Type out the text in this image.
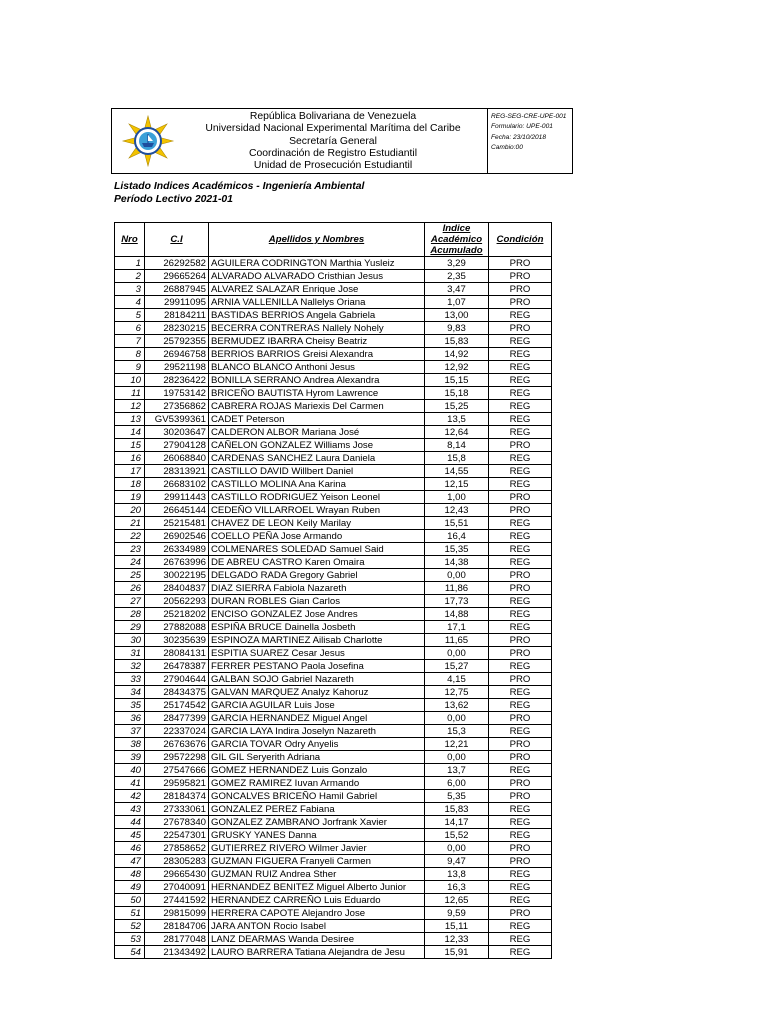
República Bolivariana de Venezuela
Universidad Nacional Experimental Marítima del Caribe
Secretaría General
Coordinación de Registro Estudiantil
Unidad de Prosecución Estudiantil
REG-SEG-CRE-UPE-001
Formulario: UPE-001
Fecha: 23/10/2018
Cambio:00
Listado Indices Académicos - Ingeniería Ambiental
Período Lectivo 2021-01
Nro	C.I	Apellidos y Nombres	Indice
Académico
Acumulado	Condición
1	26292582	AGUILERA CODRINGTON Marthia Yusleiz	3,29	PRO
2	29665264	ALVARADO ALVARADO Cristhian Jesus	2,35	PRO
3	26887945	ALVAREZ SALAZAR Enrique Jose	3,47	PRO
4	29911095	ARNIA VALLENILLA Nallelys Oriana	1,07	PRO
5	28184211	BASTIDAS BERRIOS Angela Gabriela	13,00	REG
6	28230215	BECERRA CONTRERAS Nallely Nohely	9,83	PRO
7	25792355	BERMUDEZ IBARRA Cheisy Beatriz	15,83	REG
8	26946758	BERRIOS BARRIOS Greisi Alexandra	14,92	REG
9	29521198	BLANCO BLANCO Anthoni Jesus	12,92	REG
10	28236422	BONILLA SERRANO Andrea Alexandra	15,15	REG
11	19753142	BRICEÑO BAUTISTA Hyrom Lawrence	15,18	REG
12	27356862	CABRERA ROJAS Mariexis Del Carmen	15,25	REG
13	GV5399361	CADET Peterson	13,5	REG
14	30203647	CALDERON ALBOR Mariana José	12,64	REG
15	27904128	CAÑELON GONZALEZ Williams Jose	8,14	PRO
16	26068840	CARDENAS SANCHEZ Laura Daniela	15,8	REG
17	28313921	CASTILLO DAVID Willbert Daniel	14,55	REG
18	26683102	CASTILLO MOLINA Ana Karina	12,15	REG
19	29911443	CASTILLO RODRIGUEZ Yeison Leonel	1,00	PRO
20	26645144	CEDEÑO VILLARROEL Wrayan Ruben	12,43	PRO
21	25215481	CHAVEZ DE LEON Keily Marilay	15,51	REG
22	26902546	COELLO PEÑA Jose Armando	16,4	REG
23	26334989	COLMENARES SOLEDAD Samuel Said	15,35	REG
24	26763996	DE ABREU CASTRO Karen Omaira	14,38	REG
25	30022195	DELGADO RADA Gregory Gabriel	0,00	PRO
26	28404837	DIAZ SIERRA Fabiola Nazareth	11,86	PRO
27	20562293	DURAN ROBLES Gian Carlos	17,73	REG
28	25218202	ENCISO GONZALEZ Jose Andres	14,88	REG
29	27882088	ESPIÑA BRUCE Dainella Josbeth	17,1	REG
30	30235639	ESPINOZA MARTINEZ Ailisab Charlotte	11,65	PRO
31	28084131	ESPITIA SUAREZ Cesar Jesus	0,00	PRO
32	26478387	FERRER PESTANO Paola Josefina	15,27	REG
33	27904644	GALBAN SOJO Gabriel Nazareth	4,15	PRO
34	28434375	GALVAN MARQUEZ Analyz Kahoruz	12,75	REG
35	25174542	GARCIA AGUILAR Luis Jose	13,62	REG
36	28477399	GARCIA HERNANDEZ Miguel Angel	0,00	PRO
37	22337024	GARCIA LAYA Indira Joselyn Nazareth	15,3	REG
38	26763676	GARCIA TOVAR Odry Anyelis	12,21	PRO
39	29572298	GIL GIL Seryerith Adriana	0,00	PRO
40	27547666	GOMEZ HERNANDEZ Luis Gonzalo	13,7	REG
41	29595821	GOMEZ RAMIREZ Iuvan Armando	6,00	PRO
42	28184374	GONCALVES BRICEÑO Hamil Gabriel	5,35	PRO
43	27333061	GONZALEZ PEREZ Fabiana	15,83	REG
44	27678340	GONZALEZ ZAMBRANO Jorfrank Xavier	14,17	REG
45	22547301	GRUSKY YANES Danna	15,52	REG
46	27858652	GUTIERREZ RIVERO Wilmer Javier	0,00	PRO
47	28305283	GUZMAN FIGUERA Franyeli Carmen	9,47	PRO
48	29665430	GUZMAN RUIZ Andrea Sther	13,8	REG
49	27040091	HERNANDEZ BENITEZ Miguel Alberto Junior	16,3	REG
50	27441592	HERNANDEZ CARREÑO Luis Eduardo	12,65	REG
51	29815099	HERRERA CAPOTE Alejandro Jose	9,59	PRO
52	28184706	JARA ANTON Rocio Isabel	15,11	REG
53	28177048	LANZ DEARMAS Wanda Desiree	12,33	REG
54	21343492	LAURO BARRERA Tatiana Alejandra de Jesu	15,91	REG
